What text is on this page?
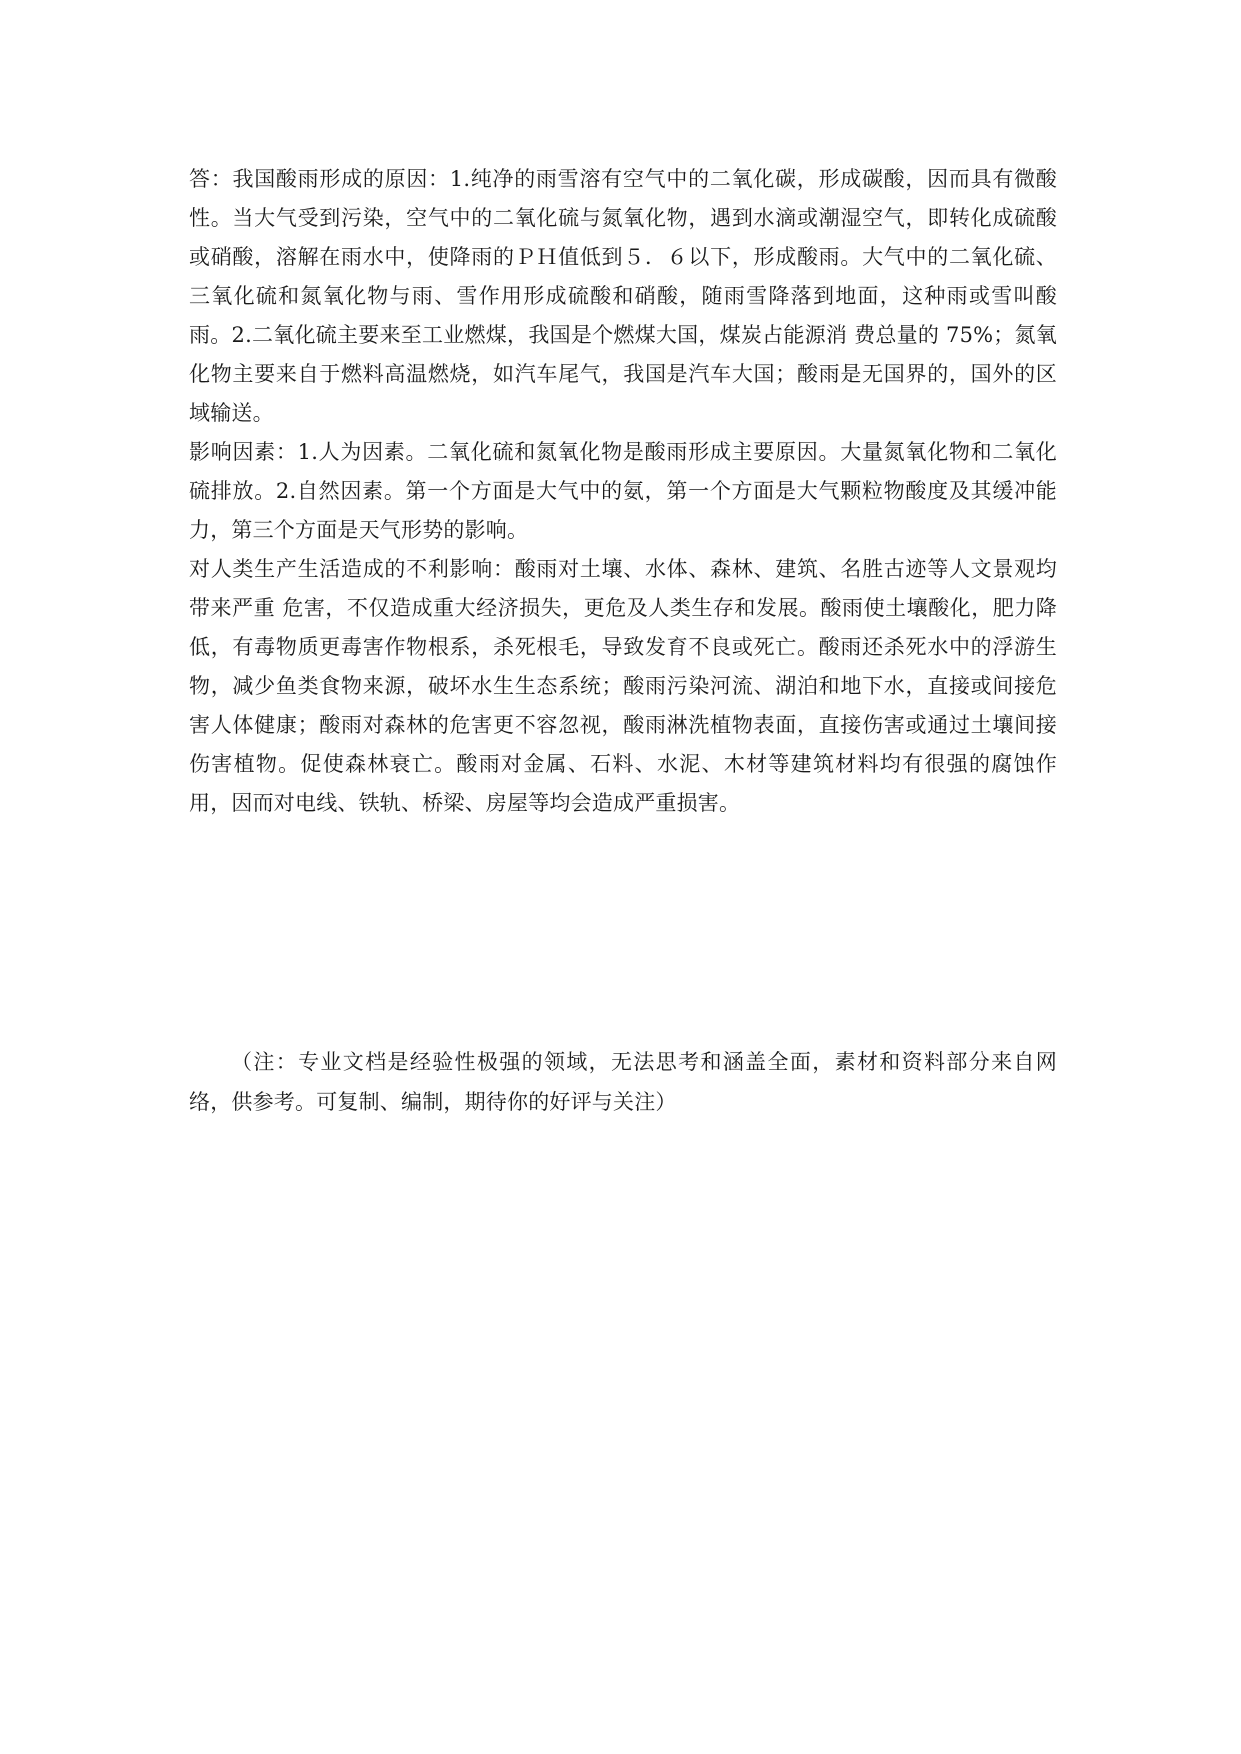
答：我国酸雨形成的原因：1.纯净的雨雪溶有空气中的二氧化碳，形成碳酸，因而具有微酸 性。当大气受到污染，空气中的二氧化硫与氮氧化物，遇到水滴或潮湿空气，即转化成硫酸或硝酸，溶解在雨水中，使降雨的ＰＨ值低到５．６以下，形成酸雨。大气中的二氧化硫、三氧化硫和氮氧化物与雨、雪作用形成硫酸和硝酸，随雨雪降落到地面，这种雨或雪叫酸雨。2.二氧化硫主要来至工业燃煤，我国是个燃煤大国，煤炭占能源消 费总量的 75%；氮氧化物主要来自于燃料高温燃烧，如汽车尾气，我国是汽车大国；酸雨是无国界的，国外的区域输送。

影响因素：1.人为因素。二氧化硫和氮氧化物是酸雨形成主要原因。大量氮氧化物和二氧化硫排放。2.自然因素。第一个方面是大气中的氨，第一个方面是大气颗粒物酸度及其缓冲能力，第三个方面是天气形势的影响。

对人类生产生活造成的不利影响：酸雨对土壤、水体、森林、建筑、名胜古迹等人文景观均带来严重 危害，不仅造成重大经济损失，更危及人类生存和发展。酸雨使土壤酸化，肥力降低，有毒物质更毒害作物根系，杀死根毛，导致发育不良或死亡。酸雨还杀死水中的浮游生物，减少鱼类食物来源，破坏水生生态系统；酸雨污染河流、湖泊和地下水，直接或间接危害人体健康；酸雨对森林的危害更不容忽视，酸雨淋洗植物表面，直接伤害或通过土壤间接伤害植物。促使森林衰亡。酸雨对金属、石料、水泥、木材等建筑材料均有很强的腐蚀作用，因而对电线、铁轨、桥梁、房屋等均会造成严重损害。

（注：专业文档是经验性极强的领域，无法思考和涵盖全面，素材和资料部分来自网络，供参考。可复制、编制，期待你的好评与关注）
